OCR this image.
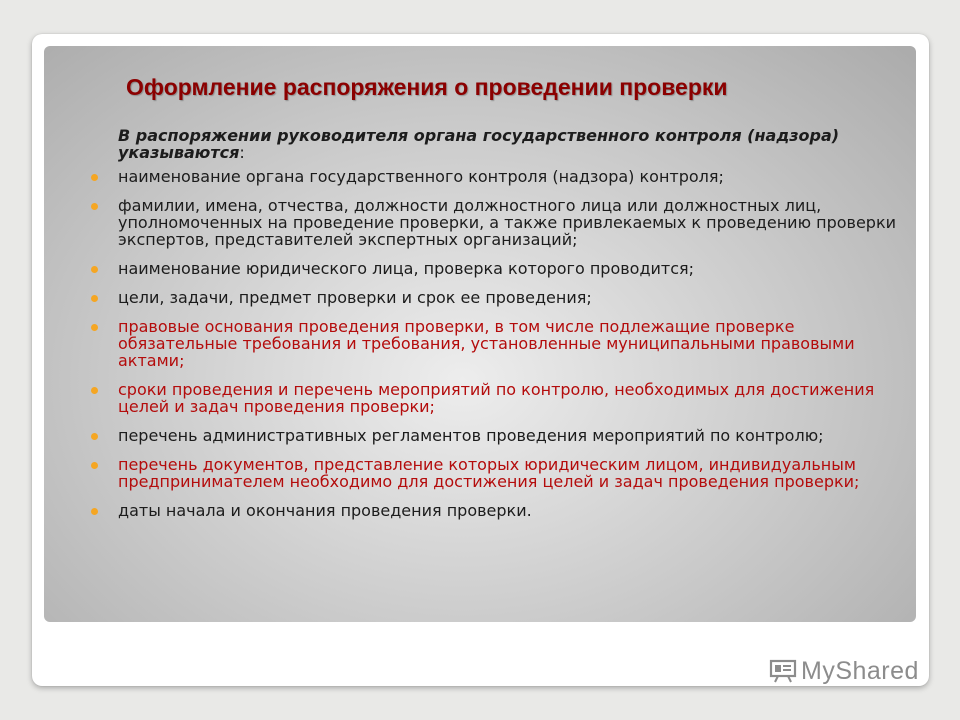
Оформление распоряжения о проведении проверки

В распоряжении руководителя органа государственного контроля (надзора) указываются:

наименование органа государственного контроля (надзора) контроля;
фамилии, имена, отчества, должности должностного лица или должностных лиц, уполномоченных на проведение проверки, а также привлекаемых к проведению проверки экспертов, представителей экспертных организаций;
наименование юридического лица, проверка которого проводится;
цели, задачи, предмет проверки и срок ее проведения;
правовые основания проведения проверки, в том числе подлежащие проверке обязательные требования и требования, установленные муниципальными правовыми актами;
сроки проведения и перечень мероприятий по контролю, необходимых для достижения целей и задач проведения проверки;
перечень административных регламентов проведения мероприятий по контролю;
перечень документов, представление которых юридическим лицом, индивидуальным предпринимателем необходимо для достижения целей и задач проведения проверки;
даты начала и окончания проведения проверки.
MyShared
